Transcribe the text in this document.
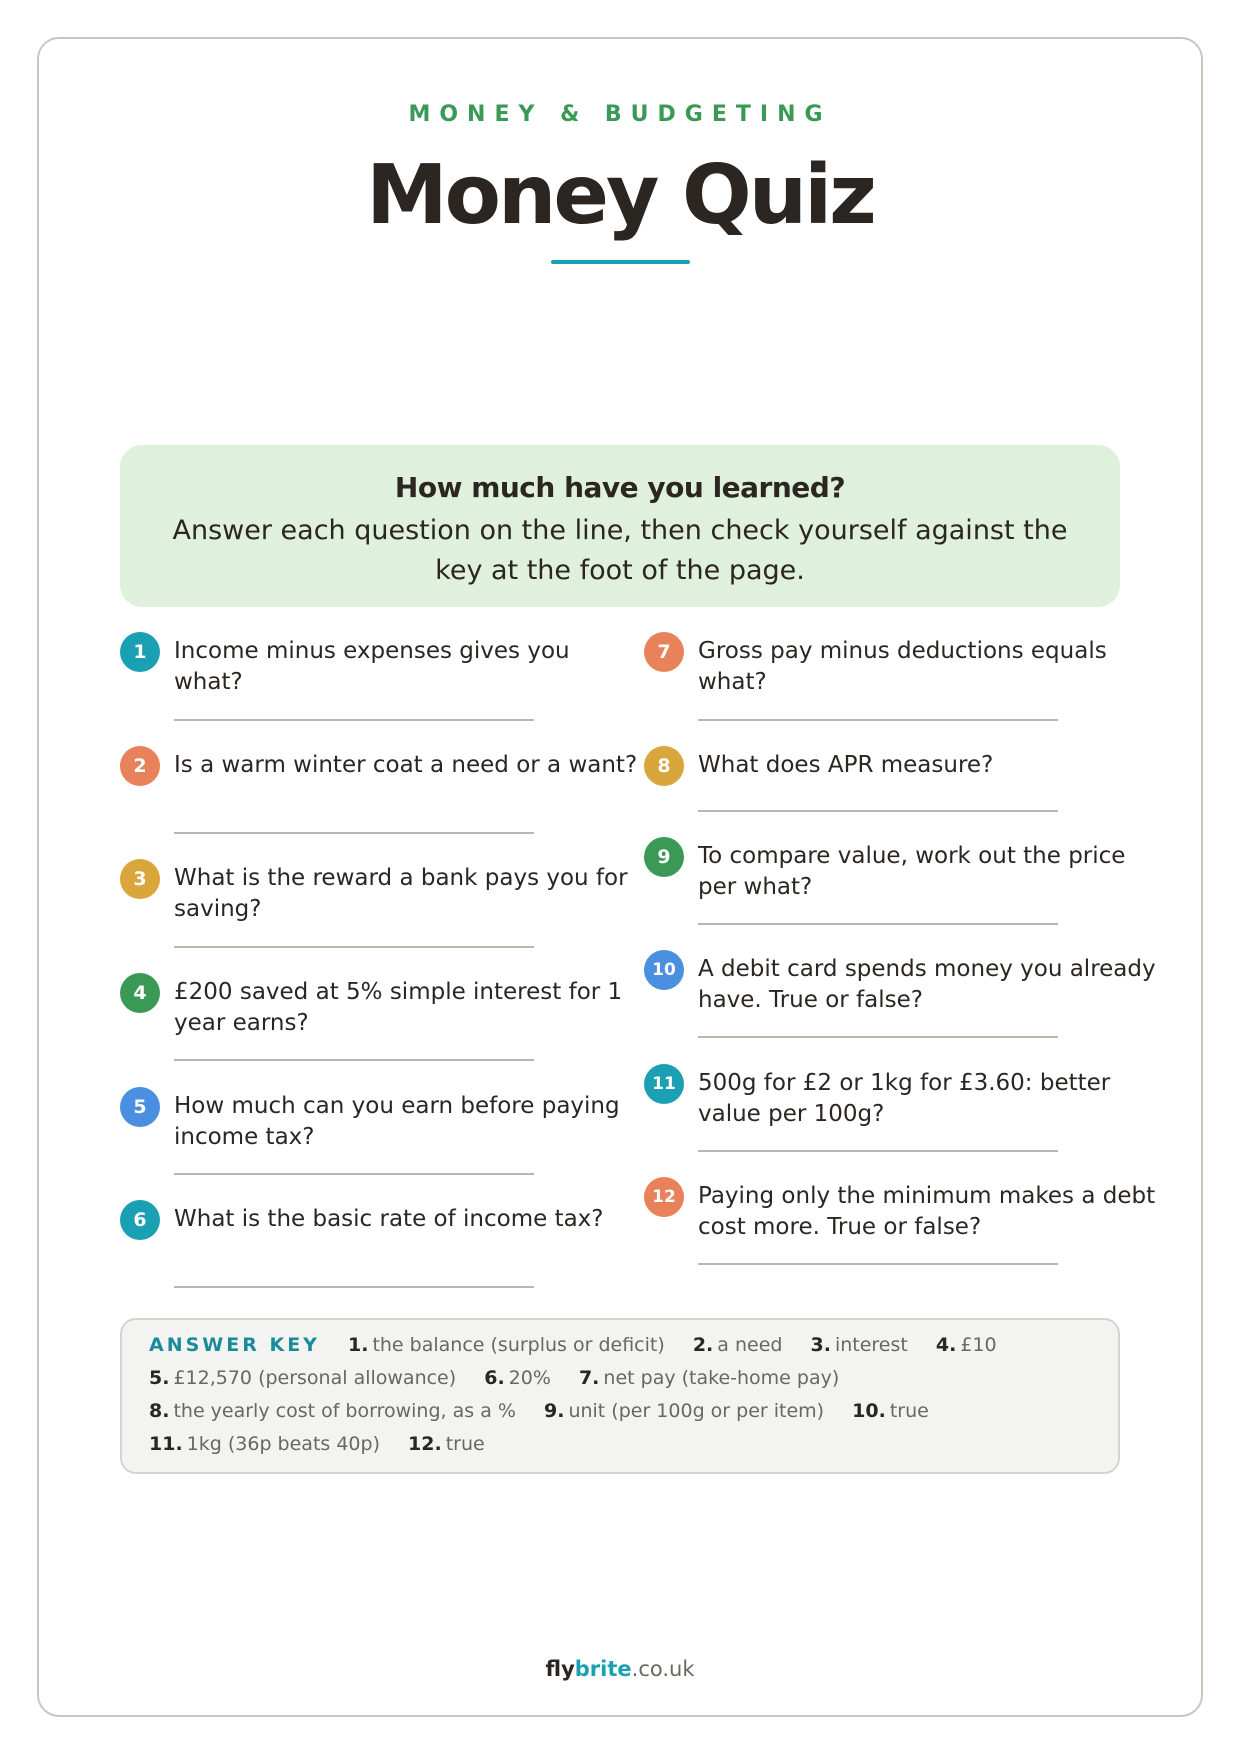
MONEY & BUDGETING
Money Quiz
How much have you learned?
Answer each question on the line, then check yourself against the key at the foot of the page.
1	Income minus expenses gives you what?
2	Is a warm winter coat a need or a want?
3	What is the reward a bank pays you for saving?
4	£200 saved at 5% simple interest for 1 year earns?
5	How much can you earn before paying income tax?
6	What is the basic rate of income tax?
7	Gross pay minus deductions equals what?
8	What does APR measure?
9	To compare value, work out the price per what?
10 A debit card spends money you already have. True or false?
11 500g for £2 or 1kg for £3.60: better value per 100g?
12 Paying only the minimum makes a debt cost more. True or false?
ANSWER KEY 1. the balance (surplus or deficit) 2. a need 3. interest 4. £10
5. £12,570 (personal allowance) 6. 20% 7. net pay (take-home pay)
8. the yearly cost of borrowing, as a % 9. unit (per 100g or per item) 10. true
11. 1kg (36p beats 40p) 12. true
flybrite.co.uk
